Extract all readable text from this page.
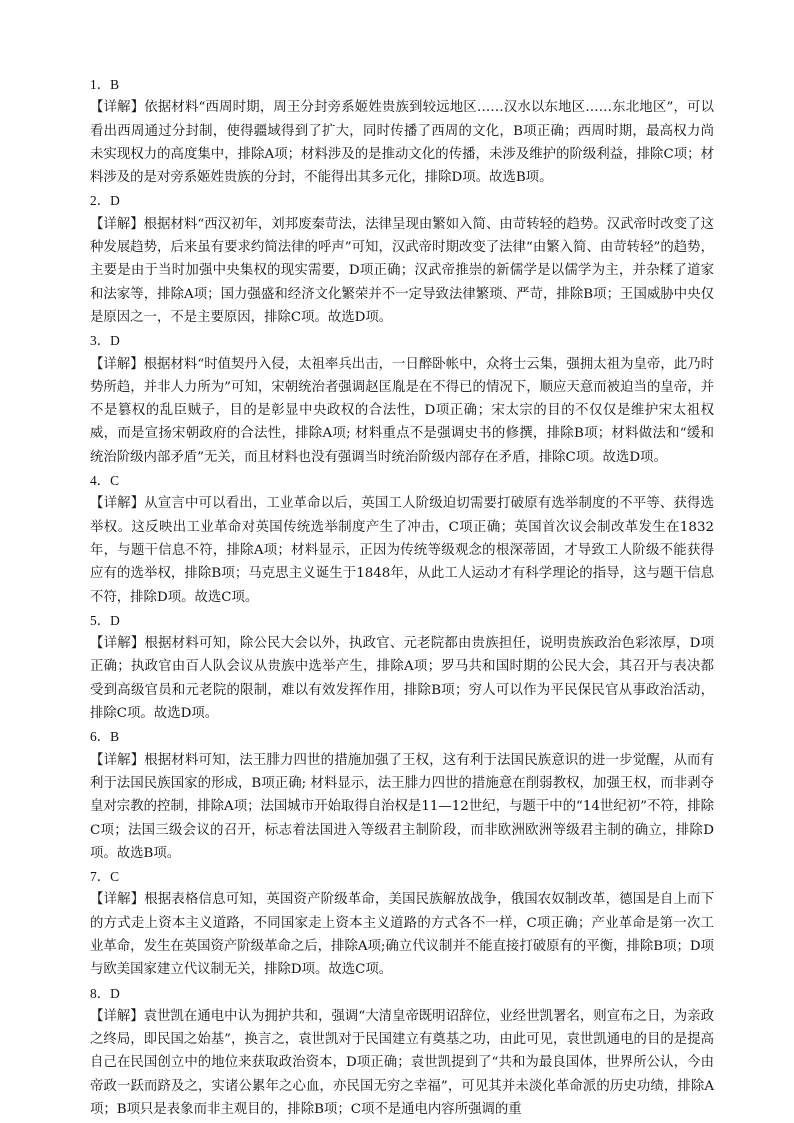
1．B
【详解】依据材料“西周时期，周王分封旁系姬姓贵族到较远地区……汉水以东地区……东北地区”，可以看出西周通过分封制，使得疆域得到了扩大，同时传播了西周的文化，B项正确；西周时期，最高权力尚未实现权力的高度集中，排除A项；材料涉及的是推动文化的传播，未涉及维护的阶级利益，排除C项；材料涉及的是对旁系姬姓贵族的分封，不能得出其多元化，排除D项。故选B项。
2．D
【详解】根据材料“西汉初年，刘邦废秦苛法，法律呈现由繁如入简、由苛转轻的趋势。汉武帝时改变了这种发展趋势，后来虽有要求约简法律的呼声”可知，汉武帝时期改变了法律“由繁入简、由苛转轻”的趋势，主要是由于当时加强中央集权的现实需要，D项正确；汉武帝推崇的新儒学是以儒学为主，并杂糅了道家和法家等，排除A项；国力强盛和经济文化繁荣并不一定导致法律繁琐、严苛，排除B项；王国威胁中央仅是原因之一，不是主要原因，排除C项。故选D项。
3．D
【详解】根据材料“时值契丹入侵，太祖率兵出击，一日醉卧帐中，众将士云集，强拥太祖为皇帝，此乃时势所趋，并非人力所为”可知，宋朝统治者强调赵匡胤是在不得已的情况下，顺应天意而被迫当的皇帝，并不是篡权的乱臣贼子，目的是彰显中央政权的合法性，D项正确；宋太宗的目的不仅仅是维护宋太祖权威，而是宣扬宋朝政府的合法性，排除A项; 材料重点不是强调史书的修撰，排除B项；材料做法和“缓和统治阶级内部矛盾”无关，而且材料也没有强调当时统治阶级内部存在矛盾，排除C项。故选D项。
4．C
【详解】从宣言中可以看出，工业革命以后，英国工人阶级迫切需要打破原有选举制度的不平等、获得选举权。这反映出工业革命对英国传统选举制度产生了冲击，C项正确；英国首次议会制改革发生在1832年，与题干信息不符，排除A项；材料显示，正因为传统等级观念的根深蒂固，才导致工人阶级不能获得应有的选举权，排除B项；马克思主义诞生于1848年，从此工人运动才有科学理论的指导，这与题干信息不符，排除D项。故选C项。
5．D
【详解】根据材料可知，除公民大会以外，执政官、元老院都由贵族担任，说明贵族政治色彩浓厚，D项正确；执政官由百人队会议从贵族中选举产生，排除A项；罗马共和国时期的公民大会，其召开与表决都受到高级官员和元老院的限制，难以有效发挥作用，排除B项；穷人可以作为平民保民官从事政治活动，排除C项。故选D项。
6．B
【详解】根据材料可知，法王腓力四世的措施加强了王权，这有利于法国民族意识的进一步觉醒，从而有利于法国民族国家的形成，B项正确; 材料显示，法王腓力四世的措施意在削弱教权，加强王权，而非剥夺皇对宗教的控制，排除A项；法国城市开始取得自治权是11—12世纪，与题干中的“14世纪初”不符，排除C项；法国三级会议的召开，标志着法国进入等级君主制阶段，而非欧洲欧洲等级君主制的确立，排除D项。故选B项。
7．C
【详解】根据表格信息可知，英国资产阶级革命，美国民族解放战争，俄国农奴制改革，德国是自上而下的方式走上资本主义道路，不同国家走上资本主义道路的方式各不一样，C项正确；产业革命是第一次工业革命，发生在英国资产阶级革命之后，排除A项;确立代议制并不能直接打破原有的平衡，排除B项；D项与欧美国家建立代议制无关，排除D项。故选C项。
8．D
【详解】袁世凯在通电中认为拥护共和，强调“大清皇帝既明诏辞位，业经世凯署名，则宣布之日，为亲政之终局，即民国之始基”，换言之，袁世凯对于民国建立有奠基之功，由此可见，袁世凯通电的目的是提高自己在民国创立中的地位来获取政治资本，D项正确；袁世凯提到了“共和为最良国体，世界所公认，今由帝政一跃而跻及之，实诸公累年之心血，亦民国无穷之幸福”，可见其并未淡化革命派的历史功绩，排除A项；B项只是表象而非主观目的，排除B项；C项不是通电内容所强调的重
